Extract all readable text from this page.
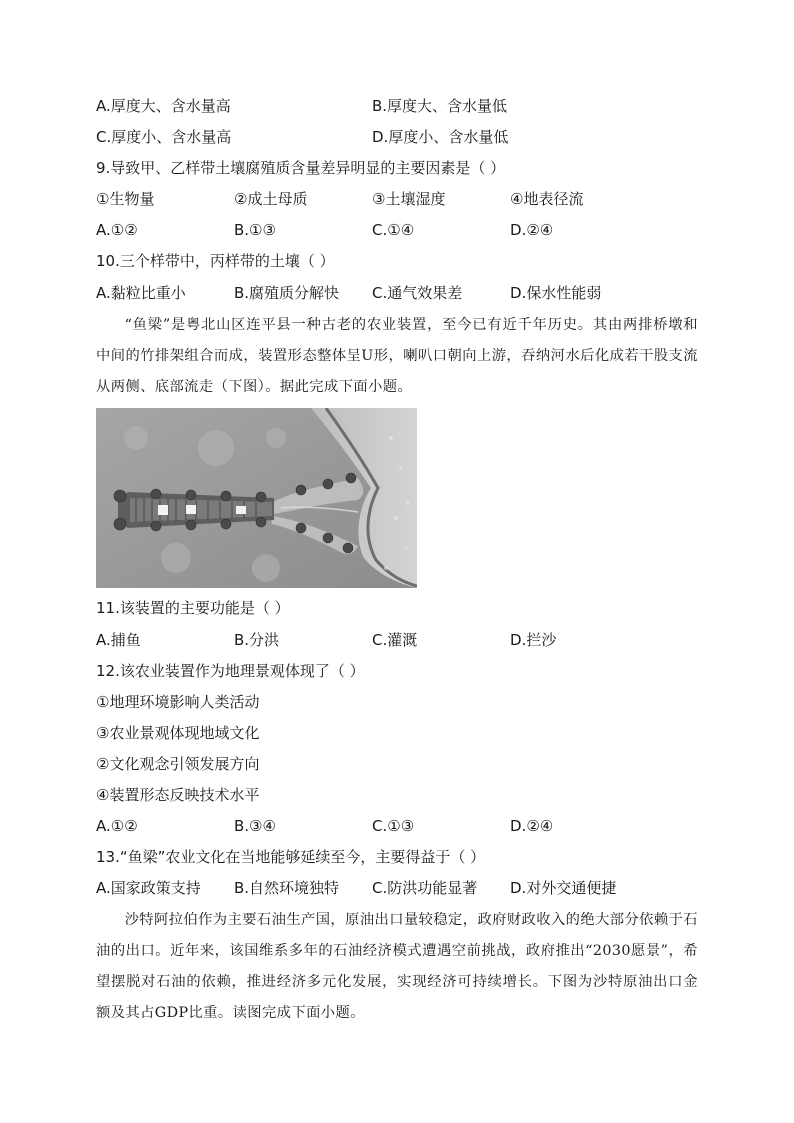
A.厚度大、含水量高	B.厚度大、含水量低
C.厚度小、含水量高	D.厚度小、含水量低
9.导致甲、乙样带土壤腐殖质含量差异明显的主要因素是（ ）
①生物量	②成土母质	③土壤湿度	④地表径流
A.①②	B.①③	C.①④	D.②④
10.三个样带中，丙样带的土壤（ ）
A.黏粒比重小	B.腐殖质分解快 C.通气效果差	D.保水性能弱
“鱼梁”是粤北山区连平县一种古老的农业装置，至今已有近千年历史。其由两排桥墩和中间的竹排架组合而成，装置形态整体呈U形，喇叭口朝向上游，吞纳河水后化成若干股支流从两侧、底部流走（下图）。据此完成下面小题。
11.该装置的主要功能是（ ）
A.捕鱼	B.分洪	C.灌溉	D.拦沙
12.该农业装置作为地理景观体现了（ ）
①地理环境影响人类活动
③农业景观体现地域文化
②文化观念引领发展方向
④装置形态反映技术水平
A.①②	B.③④	C.①③	D.②④
13.“鱼梁”农业文化在当地能够延续至今，主要得益于（ ）
A.国家政策支持 B.自然环境独特 C.防洪功能显著 D.对外交通便捷
沙特阿拉伯作为主要石油生产国，原油出口量较稳定，政府财政收入的绝大部分依赖于石油的出口。近年来，该国维系多年的石油经济模式遭遇空前挑战，政府推出“2030愿景”，希望摆脱对石油的依赖，推进经济多元化发展，实现经济可持续增长。下图为沙特原油出口金额及其占GDP比重。读图完成下面小题。
